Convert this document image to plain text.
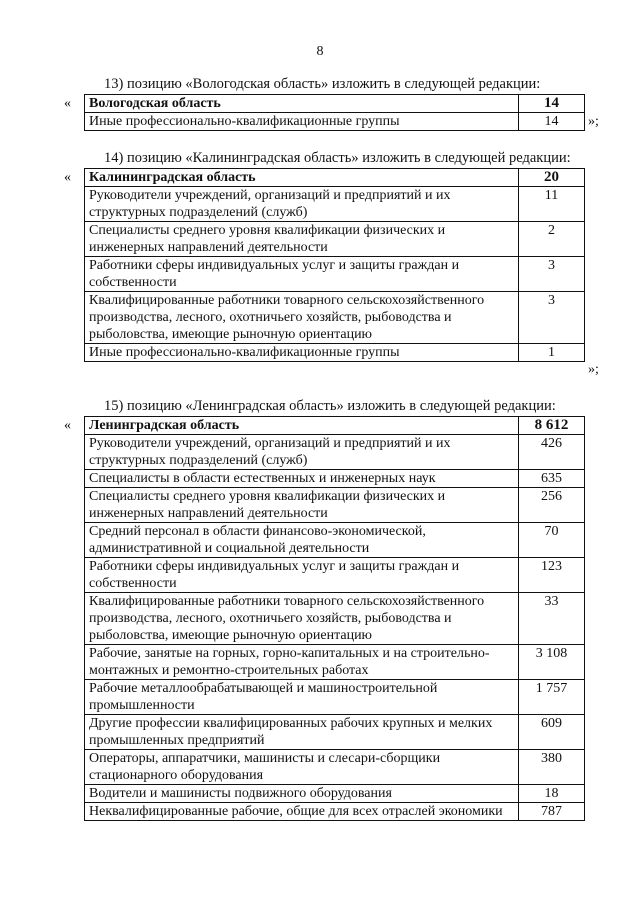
8
13) позицию «Вологодская область» изложить в следующей редакции:
« Вологодская область	14
Иные профессионально-квалификационные группы	14 »;
14) позицию «Калининградская область» изложить в следующей редакции:
« Калининградская область	20
Руководители учреждений, организаций и предприятий и их структурных подразделений (служб)	11
Специалисты среднего уровня квалификации физических и инженерных направлений деятельности	2
Работники сферы индивидуальных услуг и защиты граждан и собственности	3
Квалифицированные работники товарного сельскохозяйственного производства, лесного, охотничьего хозяйств, рыбоводства и рыболовства, имеющие рыночную ориентацию	3
Иные профессионально-квалификационные группы	1
»;
15) позицию «Ленинградская область» изложить в следующей редакции:
« Ленинградская область	8 612
Руководители учреждений, организаций и предприятий и их структурных подразделений (служб)	426
Специалисты в области естественных и инженерных наук	635
Специалисты среднего уровня квалификации физических и инженерных направлений деятельности	256
Средний персонал в области финансово-экономической, административной и социальной деятельности	70
Работники сферы индивидуальных услуг и защиты граждан и собственности	123
Квалифицированные работники товарного сельскохозяйственного производства, лесного, охотничьего хозяйств, рыбоводства и рыболовства, имеющие рыночную ориентацию	33
Рабочие, занятые на горных, горно-капитальных и на строительно-монтажных и ремонтно-строительных работах	3 108
Рабочие металлообрабатывающей и машиностроительной промышленности	1 757
Другие профессии квалифицированных рабочих крупных и мелких промышленных предприятий	609
Операторы, аппаратчики, машинисты и слесари-сборщики стационарного оборудования	380
Водители и машинисты подвижного оборудования	18
Неквалифицированные рабочие, общие для всех отраслей экономики	787
